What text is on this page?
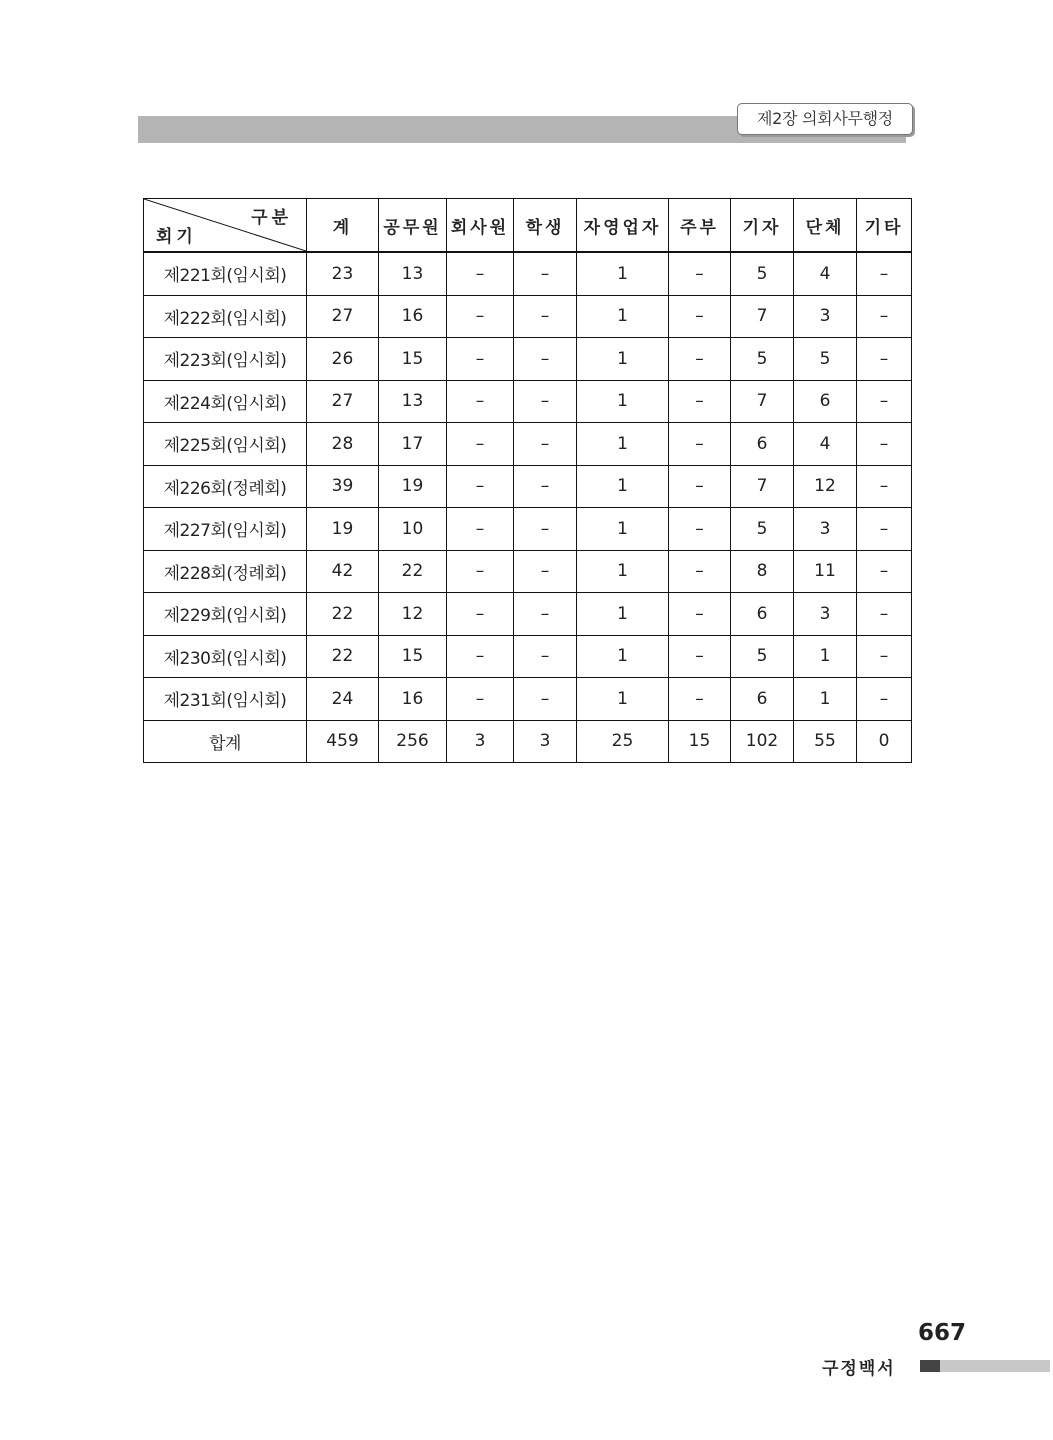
제2장 의회사무행정
구분
회기	계	공무원	회사원	학생	자영업자	주부	기자	단체	기타
제221회(임시회)	23	13	–	–	1	–	5	4	–
제222회(임시회)	27	16	–	–	1	–	7	3	–
제223회(임시회)	26	15	–	–	1	–	5	5	–
제224회(임시회)	27	13	–	–	1	–	7	6	–
제225회(임시회)	28	17	–	–	1	–	6	4	–
제226회(정례회)	39	19	–	–	1	–	7	12	–
제227회(임시회)	19	10	–	–	1	–	5	3	–
제228회(정례회)	42	22	–	–	1	–	8	11	–
제229회(임시회)	22	12	–	–	1	–	6	3	–
제230회(임시회)	22	15	–	–	1	–	5	1	–
제231회(임시회)	24	16	–	–	1	–	6	1	–
합계	459	256	3	3	25	15	102	55	0
667
구정백서
